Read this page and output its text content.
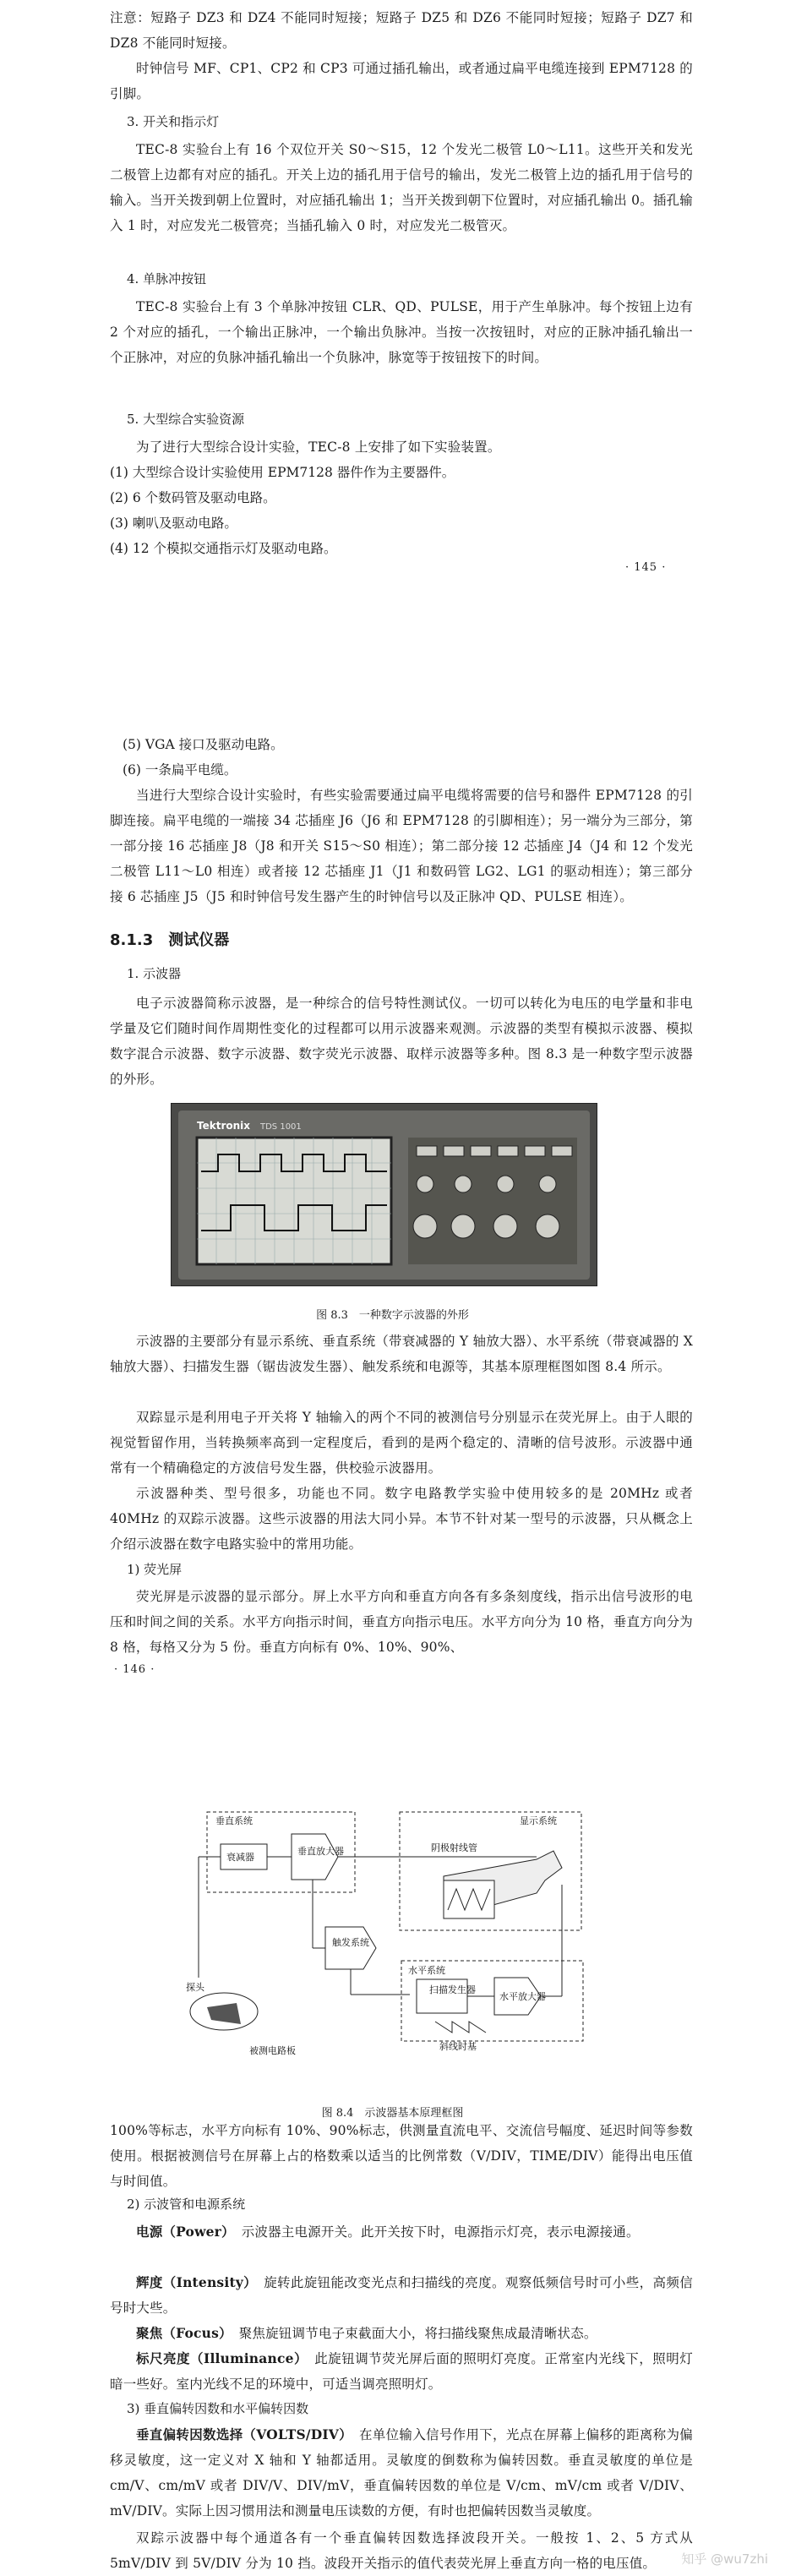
注意：短路子 DZ3 和 DZ4 不能同时短接；短路子 DZ5 和 DZ6 不能同时短接；短路子 DZ7 和 DZ8 不能同时短接。

时钟信号 MF、CP1、CP2 和 CP3 可通过插孔输出，或者通过扁平电缆连接到 EPM7128 的引脚。

3. 开关和指示灯

TEC-8 实验台上有 16 个双位开关 S0～S15，12 个发光二极管 L0～L11。这些开关和发光二极管上边都有对应的插孔。开关上边的插孔用于信号的输出，发光二极管上边的插孔用于信号的输入。当开关拨到朝上位置时，对应插孔输出 1；当开关拨到朝下位置时，对应插孔输出 0。插孔输入 1 时，对应发光二极管亮；当插孔输入 0 时，对应发光二极管灭。

4. 单脉冲按钮

TEC-8 实验台上有 3 个单脉冲按钮 CLR、QD、PULSE，用于产生单脉冲。每个按钮上边有 2 个对应的插孔，一个输出正脉冲，一个输出负脉冲。当按一次按钮时，对应的正脉冲插孔输出一个正脉冲，对应的负脉冲插孔输出一个负脉冲，脉宽等于按钮按下的时间。

5. 大型综合实验资源

为了进行大型综合设计实验，TEC-8 上安排了如下实验装置。

(1) 大型综合设计实验使用 EPM7128 器件作为主要器件。

(2) 6 个数码管及驱动电路。

(3) 喇叭及驱动电路。

(4) 12 个模拟交通指示灯及驱动电路。

· 145 ·

(5) VGA 接口及驱动电路。

(6) 一条扁平电缆。

当进行大型综合设计实验时，有些实验需要通过扁平电缆将需要的信号和器件 EPM7128 的引脚连接。扁平电缆的一端接 34 芯插座 J6（J6 和 EPM7128 的引脚相连）；另一端分为三部分，第一部分接 16 芯插座 J8（J8 和开关 S15～S0 相连）；第二部分接 12 芯插座 J4（J4 和 12 个发光二极管 L11～L0 相连）或者接 12 芯插座 J1（J1 和数码管 LG2、LG1 的驱动相连）；第三部分接 6 芯插座 J5（J5 和时钟信号发生器产生的时钟信号以及正脉冲 QD、PULSE 相连）。

8.1.3　测试仪器

1. 示波器

电子示波器简称示波器，是一种综合的信号特性测试仪。一切可以转化为电压的电学量和非电学量及它们随时间作周期性变化的过程都可以用示波器来观测。示波器的类型有模拟示波器、模拟数字混合示波器、数字示波器、数字荧光示波器、取样示波器等多种。图 8.3 是一种数字型示波器的外形。

Tektronix TDS 1001

图 8.3　一种数字示波器的外形

示波器的主要部分有显示系统、垂直系统（带衰减器的 Y 轴放大器）、水平系统（带衰减器的 X 轴放大器）、扫描发生器（锯齿波发生器）、触发系统和电源等，其基本原理框图如图 8.4 所示。

双踪显示是利用电子开关将 Y 轴输入的两个不同的被测信号分别显示在荧光屏上。由于人眼的视觉暂留作用，当转换频率高到一定程度后，看到的是两个稳定的、清晰的信号波形。示波器中通常有一个精确稳定的方波信号发生器，供校验示波器用。

示波器种类、型号很多，功能也不同。数字电路教学实验中使用较多的是 20MHz 或者 40MHz 的双踪示波器。这些示波器的用法大同小异。本节不针对某一型号的示波器，只从概念上介绍示波器在数字电路实验中的常用功能。

1) 荧光屏

荧光屏是示波器的显示部分。屏上水平方向和垂直方向各有多条刻度线，指示出信号波形的电压和时间之间的关系。水平方向指示时间，垂直方向指示电压。水平方向分为 10 格，垂直方向分为 8 格，每格又分为 5 份。垂直方向标有 0%、10%、90%、

· 146 ·
垂直系统
衰减器
垂直放大器
显示系统
阴极射线管
触发系统
水平系统
扫描发生器
水平放大器
斜线时基
探头
被测电路板

图 8.4　示波器基本原理框图

100%等标志，水平方向标有 10%、90%标志，供测量直流电平、交流信号幅度、延迟时间等参数使用。根据被测信号在屏幕上占的格数乘以适当的比例常数（V/DIV，TIME/DIV）能得出电压值与时间值。

2) 示波管和电源系统

电源（Power）　 示波器主电源开关。此开关按下时，电源指示灯亮，表示电源接通。

辉度（Intensity）　 旋转此旋钮能改变光点和扫描线的亮度。观察低频信号时可小些，高频信号时大些。

聚焦（Focus）　 聚焦旋钮调节电子束截面大小，将扫描线聚焦成最清晰状态。

标尺亮度（Illuminance）　 此旋钮调节荧光屏后面的照明灯亮度。正常室内光线下，照明灯暗一些好。室内光线不足的环境中，可适当调亮照明灯。

3) 垂直偏转因数和水平偏转因数

垂直偏转因数选择（VOLTS/DIV）　 在单位输入信号作用下，光点在屏幕上偏移的距离称为偏移灵敏度，这一定义对 X 轴和 Y 轴都适用。灵敏度的倒数称为偏转因数。垂直灵敏度的单位是 cm/V、cm/mV 或者 DIV/V、DIV/mV，垂直偏转因数的单位是 V/cm、mV/cm 或者 V/DIV、mV/DIV。实际上因习惯用法和测量电压读数的方便，有时也把偏转因数当灵敏度。

双踪示波器中每个通道各有一个垂直偏转因数选择波段开关。一般按 1、2、5 方式从 5mV/DIV 到 5V/DIV 分为 10 挡。波段开关指示的值代表荧光屏上垂直方向一格的电压值。	知乎 @wu7zhi
